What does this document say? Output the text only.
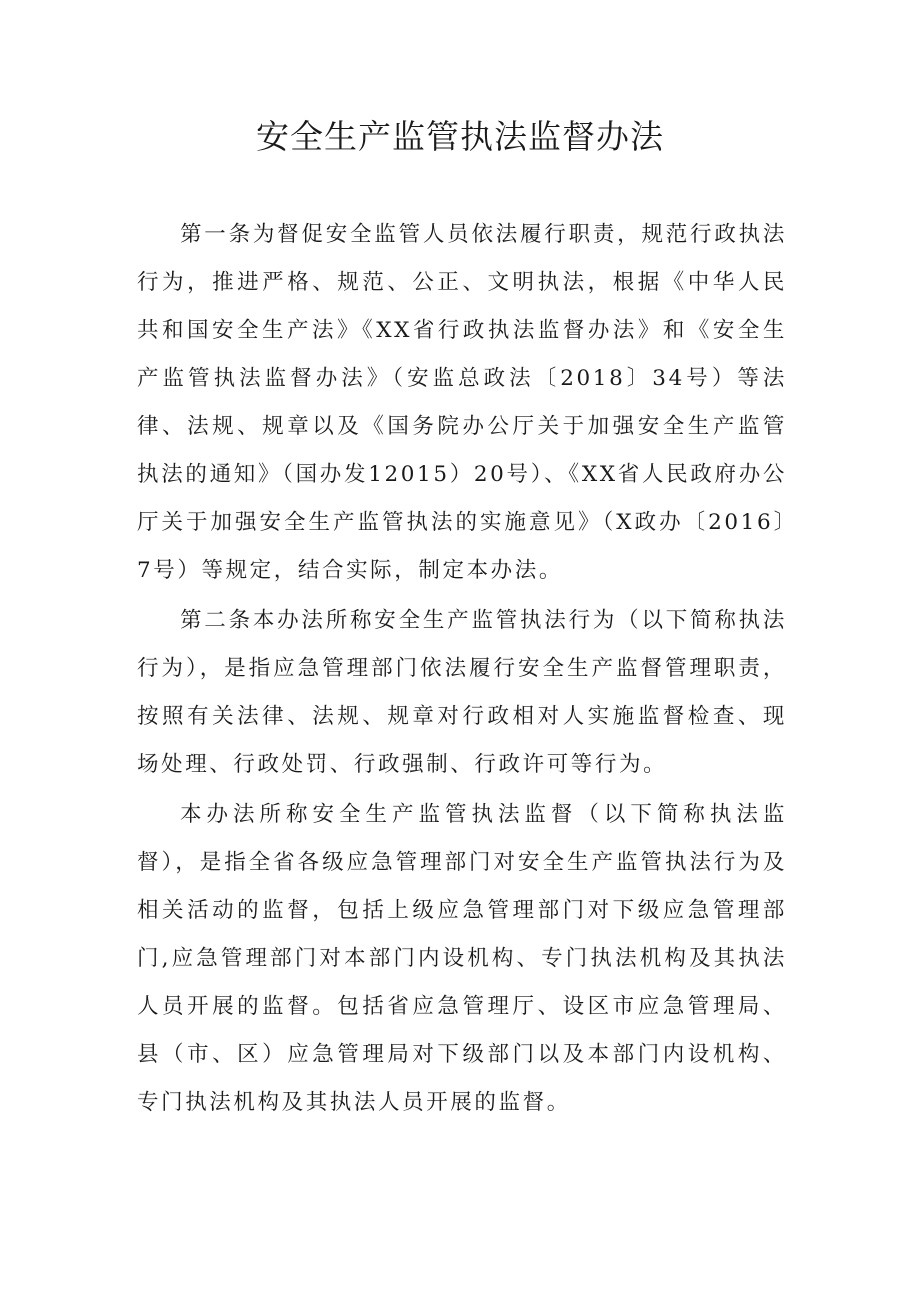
安全生产监管执法监督办法

第一条为督促安全监管人员依法履行职责，规范行政执法行为，推进严格、规范、公正、文明执法，根据《中华人民共和国安全生产法》《XX省行政执法监督办法》和《安全生产监管执法监督办法》（安监总政法〔2018〕34号）等法律、法规、规章以及《国务院办公厅关于加强安全生产监管执法的通知》（国办发12015）20号）、《XX省人民政府办公厅关于加强安全生产监管执法的实施意见》（X政办〔2016〕7号）等规定，结合实际，制定本办法。

第二条本办法所称安全生产监管执法行为（以下简称执法行为），是指应急管理部门依法履行安全生产监督管理职责，按照有关法律、法规、规章对行政相对人实施监督检查、现场处理、行政处罚、行政强制、行政许可等行为。

本办法所称安全生产监管执法监督（以下简称执法监督），是指全省各级应急管理部门对安全生产监管执法行为及相关活动的监督，包括上级应急管理部门对下级应急管理部门,应急管理部门对本部门内设机构、专门执法机构及其执法人员开展的监督。包括省应急管理厅、设区市应急管理局、县（市、区）应急管理局对下级部门以及本部门内设机构、专门执法机构及其执法人员开展的监督。
